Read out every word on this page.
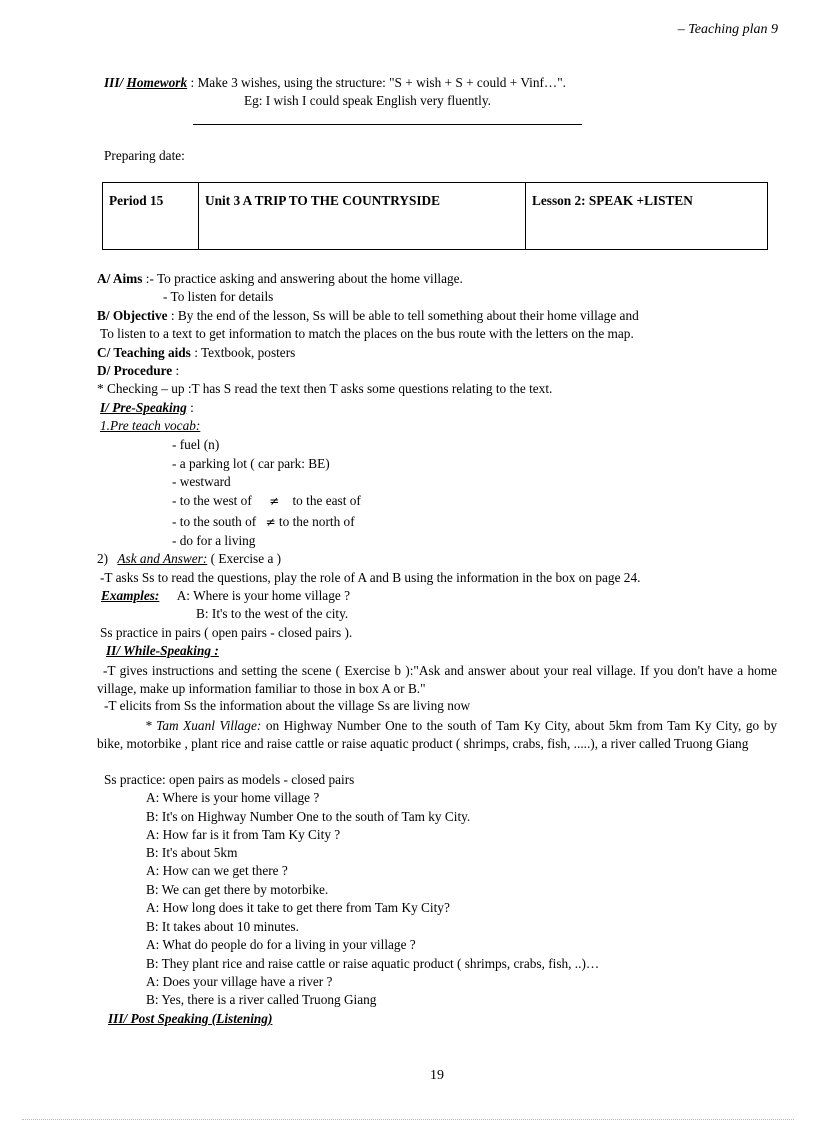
– Teaching plan 9
III/ Homework : Make 3 wishes, using the structure: "S + wish + S + could + Vinf…".
Eg: I wish I could speak English very fluently.
Preparing date:
Period 15	Unit 3 A TRIP TO THE COUNTRYSIDE	Lesson 2: SPEAK +LISTEN
A/ Aims :- To practice asking and answering about the home village.
- To listen for details
B/ Objective : By the end of the lesson, Ss will be able to tell something about their home village and
To listen to a text to get information to match the places on the bus route with the letters on the map.
C/ Teaching aids : Textbook, posters
D/ Procedure :
* Checking – up :T has S read the text then T asks some questions relating to the text.
I/ Pre-Speaking :
1.Pre teach vocab:
- fuel (n)
- a parking lot ( car park: BE)
- westward
- to the west of ≠ to the east of
- to the south of ≠ to the north of
- do for a living
2) Ask and Answer: ( Exercise a )
-T asks Ss to read the questions, play the role of A and B using the information in the box on page 24.
Examples: A: Where is your home village ?
B: It's to the west of the city.
Ss practice in pairs ( open pairs - closed pairs ).
II/ While-Speaking :
-T gives instructions and setting the scene ( Exercise b ):"Ask and answer about your real village. If you don't have a home village, make up information familiar to those in box A or B."
-T elicits from Ss the information about the village Ss are living now
* Tam Xuanl Village: on Highway Number One to the south of Tam Ky City, about 5km from Tam Ky City, go by bike, motorbike , plant rice and raise cattle or raise aquatic product ( shrimps, crabs, fish, .....), a river called Truong Giang
Ss practice: open pairs as models - closed pairs
A: Where is your home village ?
B: It's on Highway Number One to the south of Tam ky City.
A: How far is it from Tam Ky City ?
B: It's about 5km
A: How can we get there ?
B: We can get there by motorbike.
A: How long does it take to get there from Tam Ky City?
B: It takes about 10 minutes.
A: What do people do for a living in your village ?
B: They plant rice and raise cattle or raise aquatic product ( shrimps, crabs, fish, ..)…
A: Does your village have a river ?
B: Yes, there is a river called Truong Giang
III/ Post Speaking (Listening)
19
